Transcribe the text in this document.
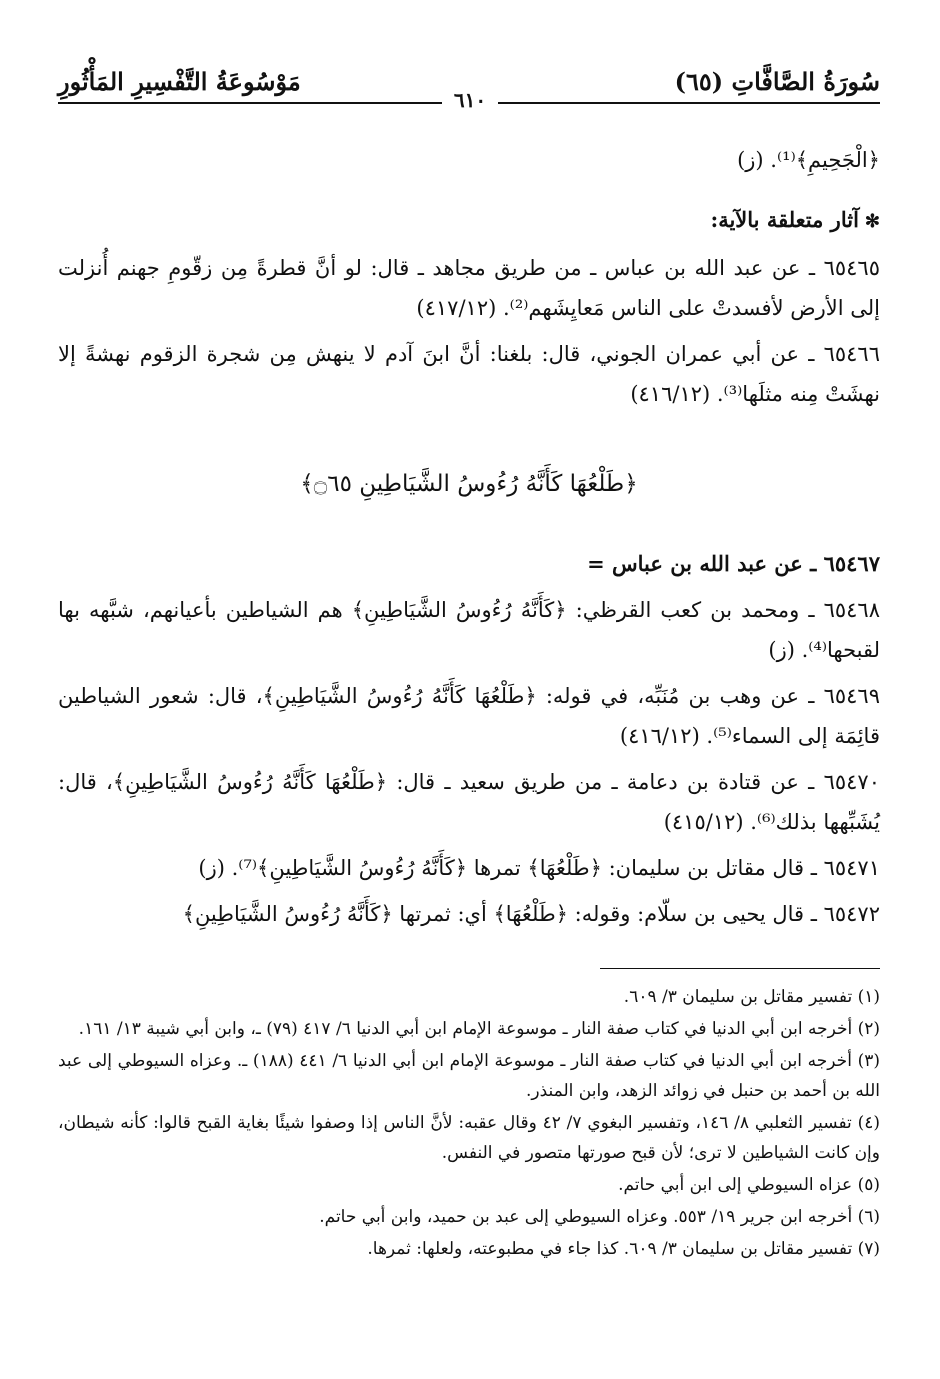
سُورَةُ الصَّافَّاتِ (٦٥)
مَوْسُوعَةُ التَّفْسِيرِ المَأْثُورِ
٦١٠

﴿الْجَحِيمِ﴾⁽¹⁾. (ز)

✻آثار متعلقة بالآية:

٦٥٤٦٥ ـ عن عبد الله بن عباس ـ من طريق مجاهد ـ قال: لو أنَّ قطرةً مِن زقّومِ جهنم أُنزلت إلى الأرض لأفسدتْ على الناس مَعايِشَهم⁽²⁾. (٤١٧/١٢)

٦٥٤٦٦ ـ عن أبي عمران الجوني، قال: بلغنا: أنَّ ابنَ آدم لا ينهش مِن شجرة الزقوم نهشةً إلا نهشَتْ مِنه مثلَها⁽³⁾. (٤١٦/١٢)

﴿طَلْعُهَا كَأَنَّهُ رُءُوسُ الشَّيَاطِينِ ۝٦٥﴾

٦٥٤٦٧ ـ عن عبد الله بن عباس =

٦٥٤٦٨ ـ ومحمد بن كعب القرظي: ﴿كَأَنَّهُ رُءُوسُ الشَّيَاطِينِ﴾ هم الشياطين بأعيانهم، شبَّهه بها لقبحها⁽⁴⁾. (ز)

٦٥٤٦٩ ـ عن وهب بن مُنَبِّه، في قوله: ﴿طَلْعُهَا كَأَنَّهُ رُءُوسُ الشَّيَاطِينِ﴾، قال: شعور الشياطين قائِمَة إلى السماء⁽⁵⁾. (٤١٦/١٢)

٦٥٤٧٠ ـ عن قتادة بن دعامة ـ من طريق سعيد ـ قال: ﴿طَلْعُهَا كَأَنَّهُ رُءُوسُ الشَّيَاطِينِ﴾، قال: يُشَبِّهها بذلك⁽⁶⁾. (٤١٥/١٢)

٦٥٤٧١ ـ قال مقاتل بن سليمان: ﴿طَلْعُهَا﴾ تمرها ﴿كَأَنَّهُ رُءُوسُ الشَّيَاطِينِ﴾⁽⁷⁾. (ز)

٦٥٤٧٢ ـ قال يحيى بن سلّام: وقوله: ﴿طَلْعُهَا﴾ أي: ثمرتها ﴿كَأَنَّهُ رُءُوسُ الشَّيَاطِينِ﴾

(١) تفسير مقاتل بن سليمان ٣/ ٦٠٩.

(٢) أخرجه ابن أبي الدنيا في كتاب صفة النار ـ موسوعة الإمام ابن أبي الدنيا ٦/ ٤١٧ (٧٩) ـ، وابن أبي شيبة ١٣/ ١٦١.

(٣) أخرجه ابن أبي الدنيا في كتاب صفة النار ـ موسوعة الإمام ابن أبي الدنيا ٦/ ٤٤١ (١٨٨) ـ. وعزاه السيوطي إلى عبد الله بن أحمد بن حنبل في زوائد الزهد، وابن المنذر.

(٤) تفسير الثعلبي ٨/ ١٤٦، وتفسير البغوي ٧/ ٤٢ وقال عقبه: لأنَّ الناس إذا وصفوا شيئًا بغاية القبح قالوا: كأنه شيطان، وإن كانت الشياطين لا ترى؛ لأن قبح صورتها متصور في النفس.

(٥) عزاه السيوطي إلى ابن أبي حاتم.

(٦) أخرجه ابن جرير ١٩/ ٥٥٣. وعزاه السيوطي إلى عبد بن حميد، وابن أبي حاتم.

(٧) تفسير مقاتل بن سليمان ٣/ ٦٠٩. كذا جاء في مطبوعته، ولعلها: ثمرها.
